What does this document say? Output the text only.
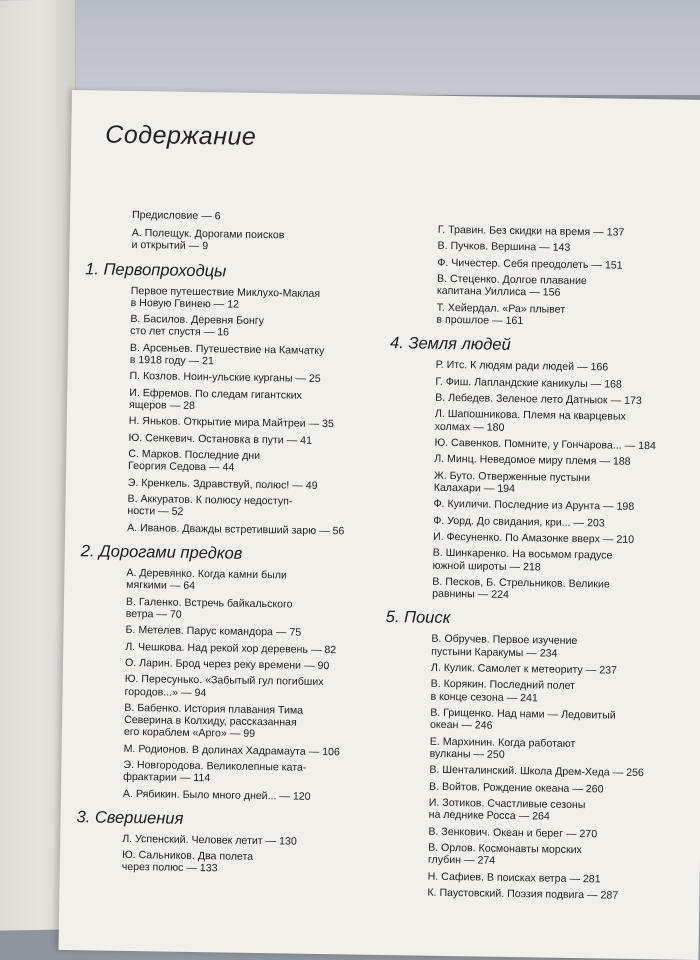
Содержание
Предисловие — 6
А. Полещук. Дорогами поисков
и открытий — 9
1. Первопроходцы
Первое путешествие Миклухо-Маклая
в Новую Гвинею — 12
В. Басилов. Деревня Бонгу
сто лет спустя — 16
В. Арсеньев. Путешествие на Камчатку
в 1918 году — 21
П. Козлов. Ноин-ульские курганы — 25
И. Ефремов. По следам гигантских
ящеров — 28
Н. Яньков. Открытие мира Майтреи — 35
Ю. Сенкевич. Остановка в пути — 41
С. Марков. Последние дни
Георгия Седова — 44
Э. Кренкель. Здравствуй, полюс! — 49
В. Аккуратов. К полюсу недоступ-
ности — 52
А. Иванов. Дважды встретивший зарю — 56
2. Дорогами предков
А. Деревянко. Когда камни были
мягкими — 64
В. Галенко. Встречь байкальского
ветра — 70
Б. Метелев. Парус командора — 75
Л. Чешкова. Над рекой хор деревень — 82
О. Ларин. Брод через реку времени — 90
Ю. Пересунько. «Забытый гул погибших
городов...» — 94
В. Бабенко. История плавания Тима
Северина в Колхиду, рассказанная
его кораблем «Арго» — 99
М. Родионов. В долинах Хадрамаута — 106
Э. Новгородова. Великолепные ката-
фрактарии — 114
А. Рябикин. Было много дней... — 120
3. Свершения
Л. Успенский. Человек летит — 130
Ю. Сальников. Два полета
через полюс — 133
Г. Травин. Без скидки на время — 137
В. Пучков. Вершина — 143
Ф. Чичестер. Себя преодолеть — 151
В. Стеценко. Долгое плавание
капитана Уиллиса — 156
Т. Хейердал. «Ра» плывет
в прошлое — 161
4. Земля людей
Р. Итс. К людям ради людей — 166
Г. Фиш. Лапландские каникулы — 168
В. Лебедев. Зеленое лето Датныок — 173
Л. Шапошникова. Племя на кварцевых
холмах — 180
Ю. Савенков. Помните, у Гончарова... — 184
Л. Минц. Неведомое миру племя — 188
Ж. Буто. Отверженные пустыни
Калахари — 194
Ф. Куиличи. Последние из Арунта — 198
Ф. Уорд. До свидания, кри... — 203
И. Фесуненко. По Амазонке вверх — 210
В. Шинкаренко. На восьмом градусе
южной широты — 218
В. Песков, Б. Стрельников. Великие
равнины — 224
5. Поиск
В. Обручев. Первое изучение
пустыни Каракумы — 234
Л. Кулик. Самолет к метеориту — 237
В. Корякин. Последний полет
в конце сезона — 241
В. Грищенко. Над нами — Ледовитый
океан — 246
Е. Мархинин. Когда работают
вулканы — 250
В. Шенталинский. Школа Дрем-Хеда — 256
В. Войтов. Рождение океана — 260
И. Зотиков. Счастливые сезоны
на леднике Росса — 264
В. Зенкович. Океан и берег — 270
В. Орлов. Космонавты морских
глубин — 274
Н. Сафиев. В поисках ветра — 281
К. Паустовский. Поэзия подвига — 287
